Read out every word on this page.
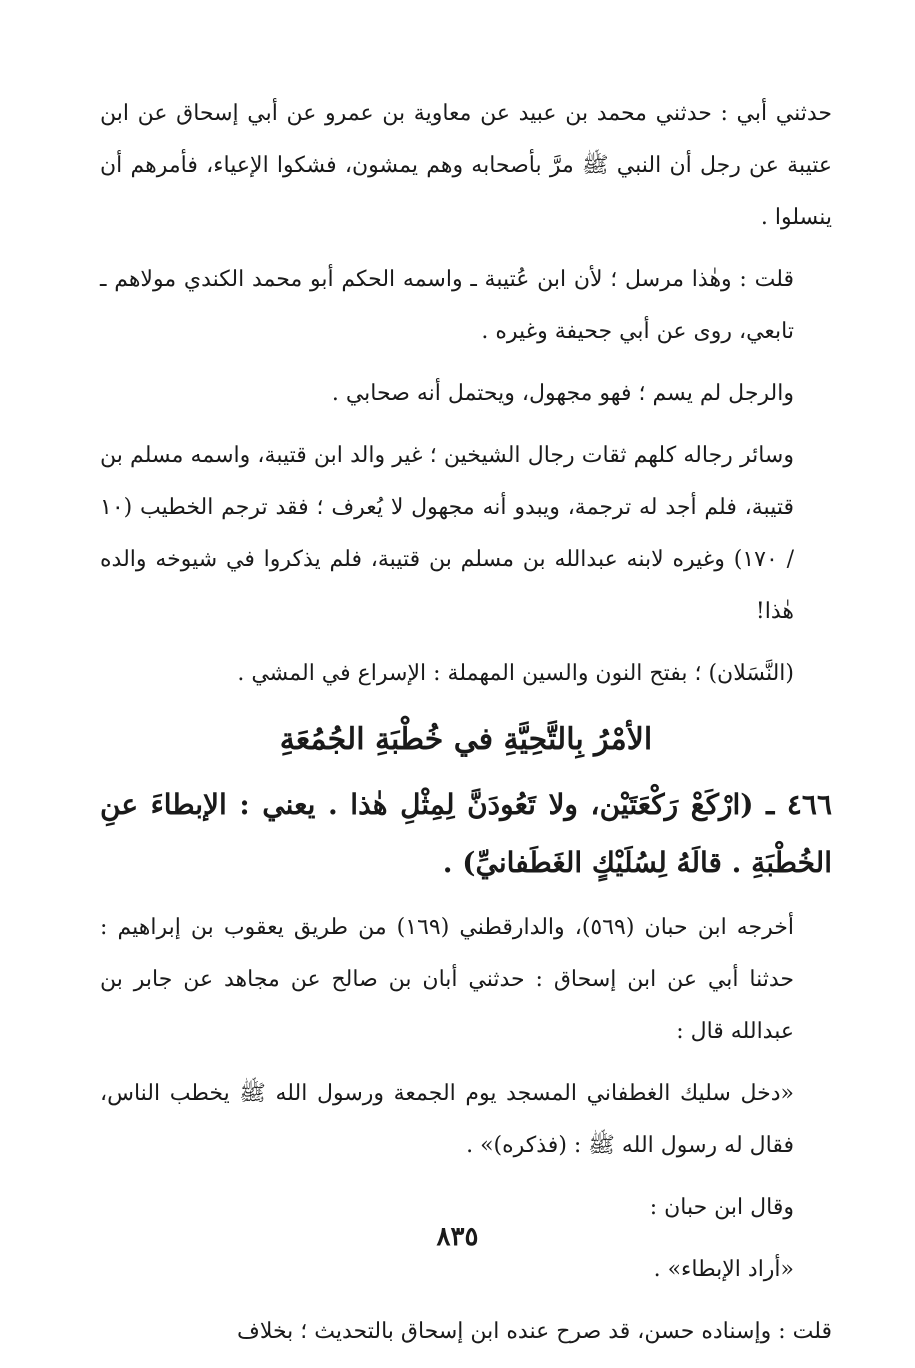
حدثني أبي : حدثني محمد بن عبيد عن معاوية بن عمرو عن أبي إسحاق عن ابن عتيبة عن رجل أن النبي ﷺ مرَّ بأصحابه وهم يمشون، فشكوا الإعياء، فأمرهم أن ينسلوا .

قلت : وهٰذا مرسل ؛ لأن ابن عُتيبة ـ واسمه الحكم أبو محمد الكندي مولاهم ـ تابعي، روى عن أبي جحيفة وغيره .

والرجل لم يسم ؛ فهو مجهول، ويحتمل أنه صحابي .

وسائر رجاله كلهم ثقات رجال الشيخين ؛ غير والد ابن قتيبة، واسمه مسلم بن قتيبة، فلم أجد له ترجمة، ويبدو أنه مجهول لا يُعرف ؛ فقد ترجم الخطيب (١٠ / ١٧٠) وغيره لابنه عبدالله بن مسلم بن قتيبة، فلم يذكروا في شيوخه والده هٰذا!

(النَّسَلان) ؛ بفتح النون والسين المهملة : الإسراع في المشي .

الأمْرُ بِالتَّحِيَّةِ في خُطْبَةِ الجُمُعَةِ

٤٦٦ ـ (ارْكَعْ رَكْعَتَيْن، ولا تَعُودَنَّ لِمِثْلِ هٰذا . يعني : الإبطاءَ عنِ الخُطْبَةِ . قالَهُ لِسُلَيْكٍ الغَطَفانيِّ) .

أخرجه ابن حبان (٥٦٩)، والدارقطني (١٦٩) من طريق يعقوب بن إبراهيم : حدثنا أبي عن ابن إسحاق : حدثني أبان بن صالح عن مجاهد عن جابر بن عبدالله قال :

«دخل سليك الغطفاني المسجد يوم الجمعة ورسول الله ﷺ يخطب الناس، فقال له رسول الله ﷺ : (فذكره)» .

وقال ابن حبان :

«أراد الإبطاء» .

قلت : وإسناده حسن، قد صرح عنده ابن إسحاق بالتحديث ؛ بخلاف

٨٣٥
